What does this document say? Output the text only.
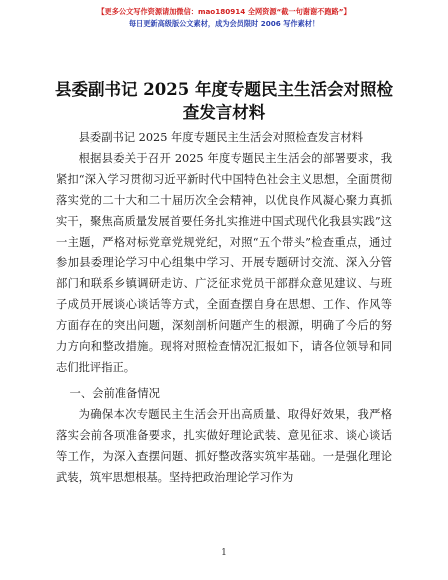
【更多公文写作资源请加微信：mao180914 全网资源“截一句谢谢不跑路”】
每日更新高级版公文素材，成为会员限时 2006 写作素材！
县委副书记 2025 年度专题民主生活会对照检查发言材料

县委副书记 2025 年度专题民主生活会对照检查发言材料

根据县委关于召开 2025 年度专题民主生活会的部署要求，我紧扣“深入学习贯彻习近平新时代中国特色社会主义思想，全面贯彻落实党的二十大和二十届历次全会精神，以优良作风凝心聚力真抓实干，聚焦高质量发展首要任务扎实推进中国式现代化我县实践”这一主题，严格对标党章党规党纪，对照“五个带头”检查重点，通过参加县委理论学习中心组集中学习、开展专题研讨交流、深入分管部门和联系乡镇调研走访、广泛征求党员干部群众意见建议、与班子成员开展谈心谈话等方式，全面查摆自身在思想、工作、作风等方面存在的突出问题，深刻剖析问题产生的根源，明确了今后的努力方向和整改措施。现将对照检查情况汇报如下，请各位领导和同志们批评指正。

一、会前准备情况

为确保本次专题民主生活会开出高质量、取得好效果，我严格落实会前各项准备要求，扎实做好理论武装、意见征求、谈心谈话等工作，为深入查摆问题、抓好整改落实筑牢基础。一是强化理论武装，筑牢思想根基。坚持把政治理论学习作为

1
